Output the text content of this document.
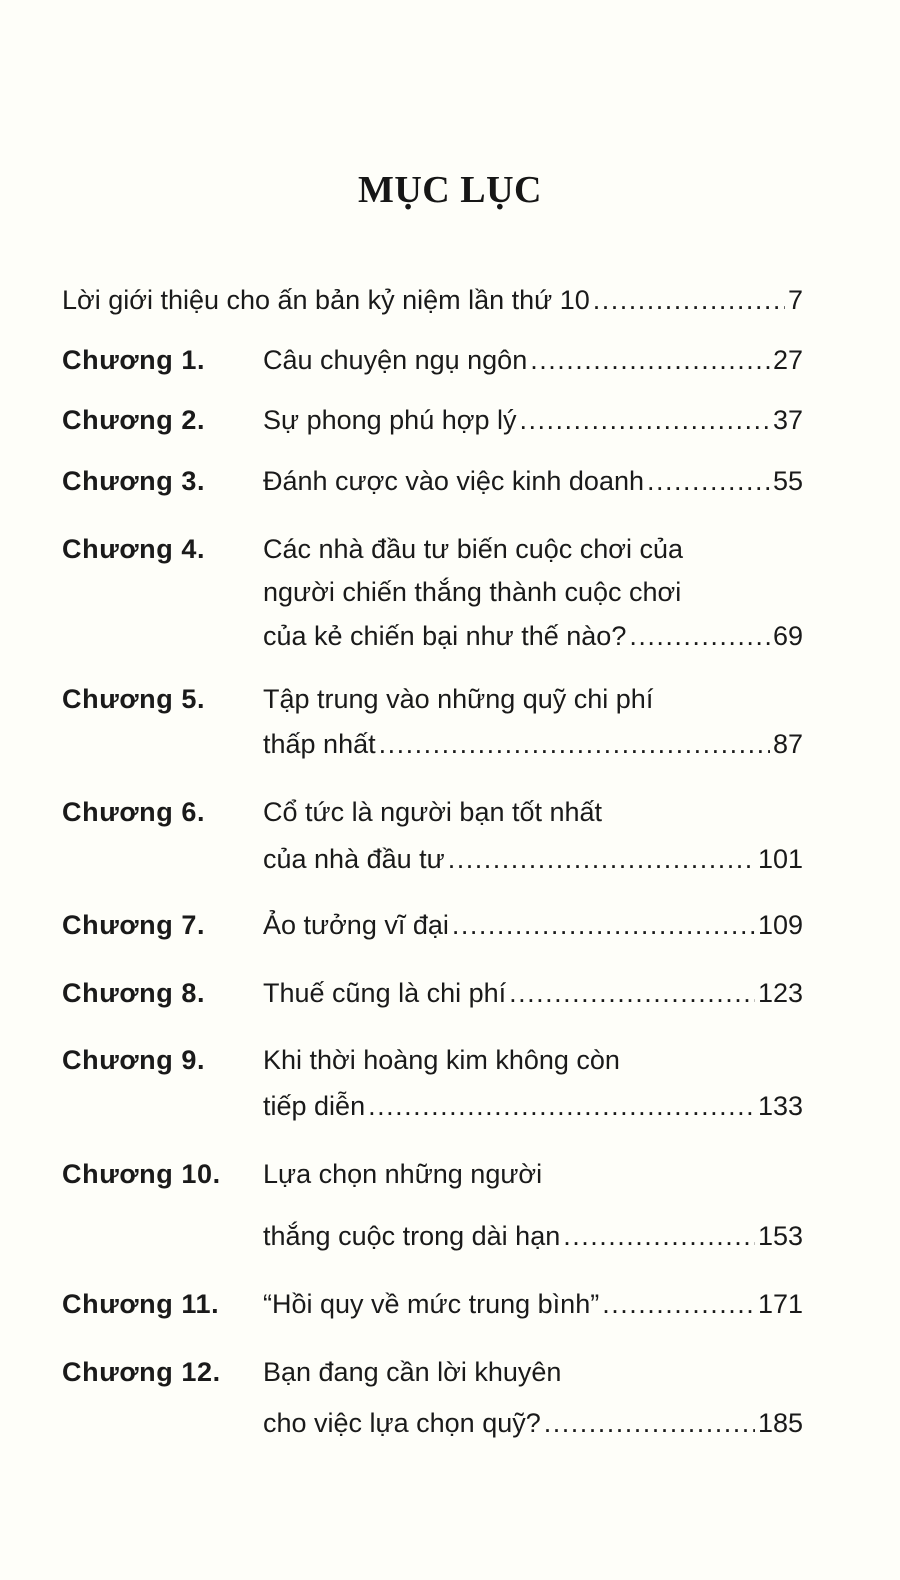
MỤC LỤC
Lời giới thiệu cho ấn bản kỷ niệm lần thứ 10 .....	7
Chương 1. Câu chuyện ngụ ngôn .....	27
Chương 2. Sự phong phú hợp lý .....	37
Chương 3. Đánh cược vào việc kinh doanh .....	55
Chương 4. Các nhà đầu tư biến cuộc chơi của
người chiến thắng thành cuộc chơi
của kẻ chiến bại như thế nào? .....	69
Chương 5. Tập trung vào những quỹ chi phí
thấp nhất .....	87
Chương 6. Cổ tức là người bạn tốt nhất
của nhà đầu tư .....	101
Chương 7. Ảo tưởng vĩ đại .....	109
Chương 8. Thuế cũng là chi phí .....	123
Chương 9. Khi thời hoàng kim không còn
tiếp diễn .....	133
Chương 10. Lựa chọn những người
thắng cuộc trong dài hạn .....	153
Chương 11. “Hồi quy về mức trung bình” .....	171
Chương 12. Bạn đang cần lời khuyên
cho việc lựa chọn quỹ? .....	185
